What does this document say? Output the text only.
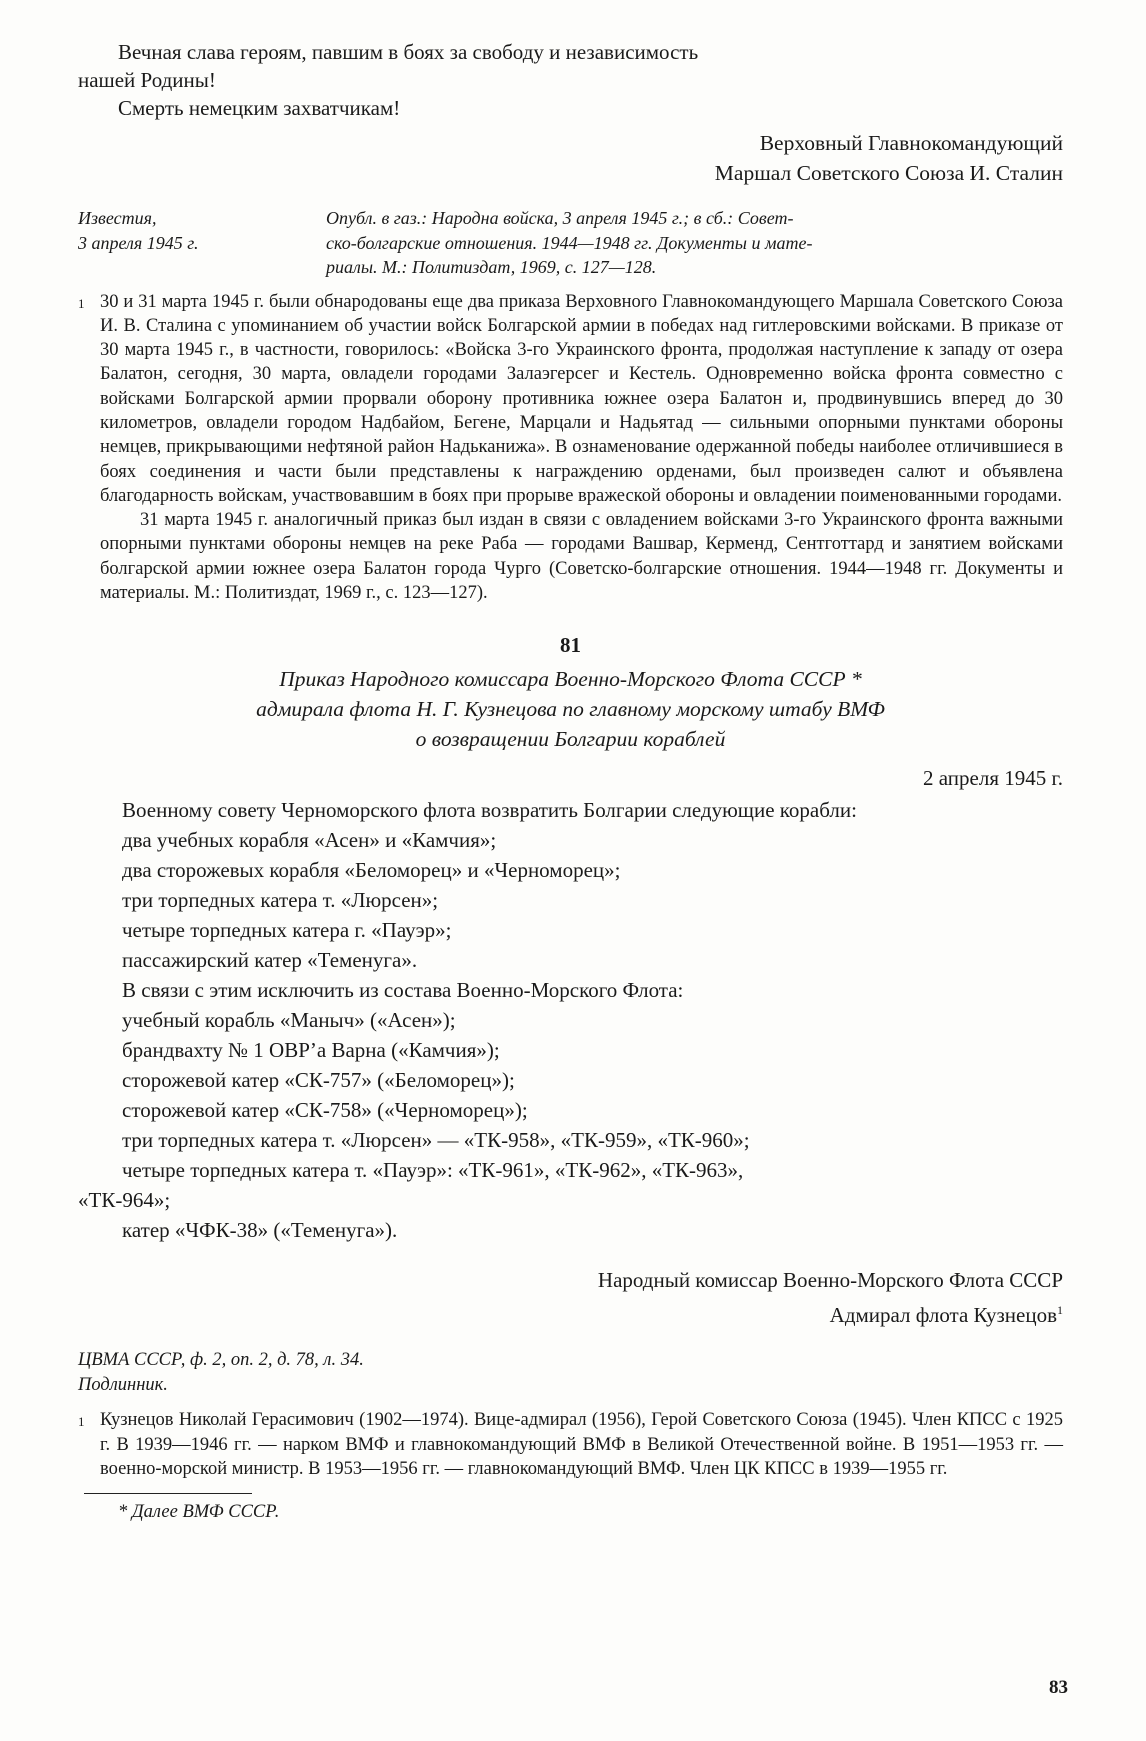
Вечная слава героям, павшим в боях за свободу и независимость

нашей Родины!

Смерть немецким захватчикам!

Верховный Главнокомандующий
Маршал Советского Союза И. Сталин
Известия,
3 апреля 1945 г.
Опубл. в газ.: Народна войска, 3 апреля 1945 г.; в сб.: Совет-
ско-болгарские отношения. 1944—1948 гг. Документы и мате-
риалы. М.: Политиздат, 1969, с. 127—128.
1 30 и 31 марта 1945 г. были обнародованы еще два приказа Верховного Главнокомандующего Маршала Советского Союза И. В. Сталина с упоминанием об участии войск Болгарской армии в победах над гитлеровскими войсками. В приказе от 30 марта 1945 г., в частности, говорилось: «Войска 3-го Украинского фронта, продолжая наступление к западу от озера Балатон, сегодня, 30 марта, овладели городами Залаэгерсег и Кестель. Одновременно войска фронта совместно с войсками Болгарской армии прорвали оборону противника южнее озера Балатон и, продвинувшись вперед до 30 километров, овладели городом Надбайом, Бегене, Марцали и Надьятад — сильными опорными пунктами обороны немцев, прикрывающими нефтяной район Надьканижа». В ознаменование одержанной победы наиболее отличившиеся в боях соединения и части были представлены к награждению орденами, был произведен салют и объявлена благодарность войскам, участвовавшим в боях при прорыве вражеской обороны и овладении поименованными городами.

31 марта 1945 г. аналогичный приказ был издан в связи с овладением войсками 3-го Украинского фронта важными опорными пунктами обороны немцев на реке Раба — городами Вашвар, Керменд, Сентготтард и занятием войсками болгарской армии южнее озера Балатон города Чурго (Советско-болгарские отношения. 1944—1948 гг. Документы и материалы. М.: Политиздат, 1969 г., с. 123—127).

81
Приказ Народного комиссара Военно-Морского Флота СССР *
адмирала флота Н. Г. Кузнецова по главному морскому штабу ВМФ
о возвращении Болгарии кораблей
2 апреля 1945 г.

Военному совету Черноморского флота возвратить Болгарии следующие корабли:

два учебных корабля «Асен» и «Камчия»;

два сторожевых корабля «Беломорец» и «Черноморец»;

три торпедных катера т. «Люрсен»;

четыре торпедных катера г. «Пауэр»;

пассажирский катер «Теменуга».

В связи с этим исключить из состава Военно-Морского Флота:

учебный корабль «Маныч» («Асен»);

брандвахту № 1 ОВР’а Варна («Камчия»);

сторожевой катер «СК-757» («Беломорец»);

сторожевой катер «СК-758» («Черноморец»);

три торпедных катера т. «Люрсен» — «ТК-958», «ТК-959», «ТК-960»;

четыре торпедных катера т. «Пауэр»: «ТК-961», «ТК-962», «ТК-963»,

«ТК-964»;

катер «ЧФК-38» («Теменуга»).

Народный комиссар Военно-Морского Флота СССР
Адмирал флота Кузнецов$^1$
ЦВМА СССР, ф. 2, оп. 2, д. 78, л. 34.
Подлинник.
1 Кузнецов Николай Герасимович (1902—1974). Вице-адмирал (1956), Герой Советского Союза (1945). Член КПСС с 1925 г. В 1939—1946 гг. — нарком ВМФ и главнокомандующий ВМФ в Великой Отечественной войне. В 1951—1953 гг. — военно-морской министр. В 1953—1956 гг. — главнокомандующий ВМФ. Член ЦК КПСС в 1939—1955 гг.
* Далее ВМФ СССР.
83
